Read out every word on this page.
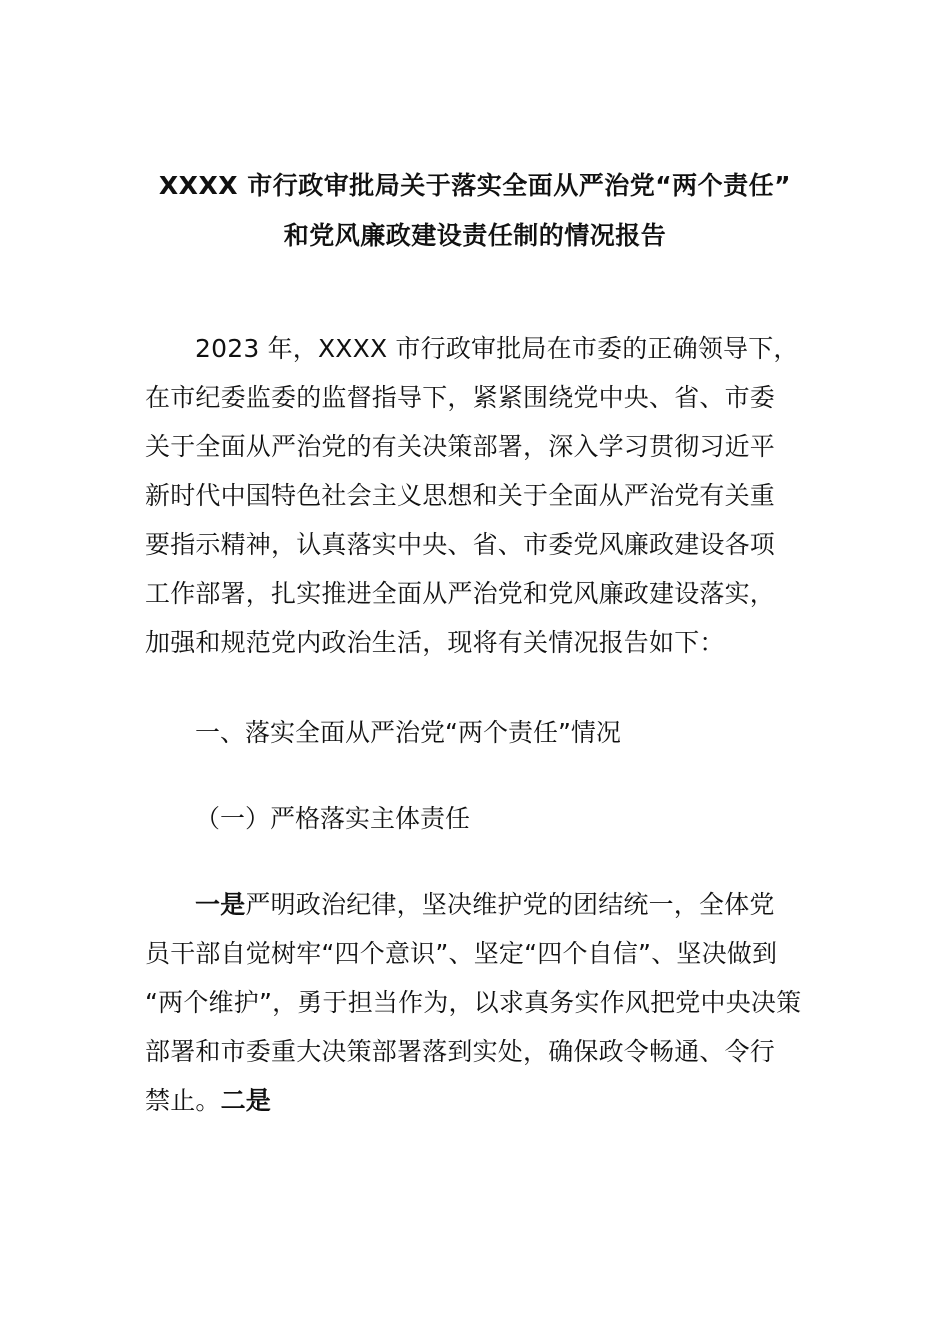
XXXX 市行政审批局关于落实全面从严治党“两个责任”
和党风廉政建设责任制的情况报告
2023 年，XXXX 市行政审批局在市委的正确领导下，
在市纪委监委的监督指导下，紧紧围绕党中央、省、市委
关于全面从严治党的有关决策部署，深入学习贯彻习近平
新时代中国特色社会主义思想和关于全面从严治党有关重
要指示精神，认真落实中央、省、市委党风廉政建设各项
工作部署，扎实推进全面从严治党和党风廉政建设落实，
加强和规范党内政治生活，现将有关情况报告如下：
一、落实全面从严治党“两个责任”情况
（一）严格落实主体责任
一是严明政治纪律，坚决维护党的团结统一，全体党
员干部自觉树牢“四个意识”、坚定“四个自信”、坚决做到
“两个维护”，勇于担当作为，以求真务实作风把党中央决策
部署和市委重大决策部署落到实处，确保政令畅通、令行
禁止。二是
